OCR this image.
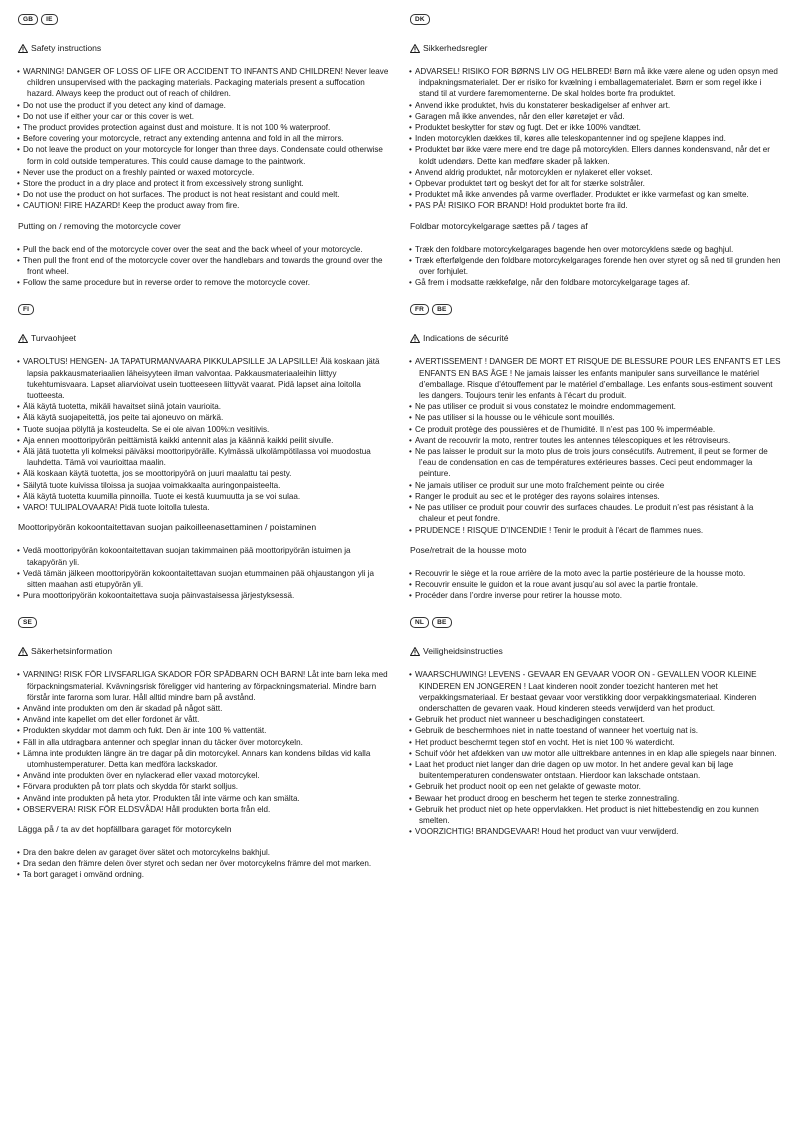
GB	IE
Safety instructions
• WARNING! DANGER OF LOSS OF LIFE OR ACCIDENT TO INFANTS AND CHILDREN! Never leave children unsupervised with the packaging materials. Packaging materials present a suffocation hazard. Always keep the product out of reach of children.
• Do not use the product if you detect any kind of damage.
• Do not use if either your car or this cover is wet.
• The product provides protection against dust and moisture. It is not 100 % waterproof.
• Before covering your motorcycle, retract any extending antenna and fold in all the mirrors.
• Do not leave the product on your motorcycle for longer than three days. Condensate could otherwise form in cold outside temperatures. This could cause damage to the paintwork.
• Never use the product on a freshly painted or waxed motorcycle.
• Store the product in a dry place and protect it from excessively strong sunlight.
• Do not use the product on hot surfaces. The product is not heat resistant and could melt.
• CAUTION! FIRE HAZARD! Keep the product away from fire.
Putting on / removing the motorcycle cover
• Pull the back end of the motorcycle cover over the seat and the back wheel of your motorcycle.
• Then pull the front end of the motorcycle cover over the handlebars and towards the ground over the front wheel.
• Follow the same procedure but in reverse order to remove the motorcycle cover.
FI
Turvaohjeet
• VAROLTUS! HENGEN- JA TAPATURMANVAARA PIKKULAPSILLE JA LAPSILLE! Älä koskaan jätä lapsia pakkausmateriaalien läheisyyteen ilman valvontaa. Pakkausmateriaaleihin liittyy tukehtumisvaara. Lapset aliarvioivat usein tuotteeseen liittyvät vaarat. Pidä lapset aina loitolla tuotteesta.
• Älä käytä tuotetta, mikäli havaitset siinä jotain vaurioita.
• Älä käytä suojapeitettä, jos peite tai ajoneuvo on märkä.
• Tuote suojaa pölyltä ja kosteudelta. Se ei ole aivan 100%:n vesitiivis.
• Aja ennen moottoripyörän peittämistä kaikki antennit alas ja käännä kaikki peilit sivulle.
• Älä jätä tuotetta yli kolmeksi päiväksi moottoripyörälle. Kylmässä ulkolämpötilassa voi muodostua lauhdetta. Tämä voi vaurioittaa maalin.
• Älä koskaan käytä tuotetta, jos se moottoripyörä on juuri maalattu tai pesty.
• Säilytä tuote kuivissa tiloissa ja suojaa voimakkaalta auringonpaisteelta.
• Älä käytä tuotetta kuumilla pinnoilla. Tuote ei kestä kuumuutta ja se voi sulaa.
• VARO! TULIPALOVAARA! Pidä tuote loitolla tulesta.
Moottoripyörän kokoontaitettavan suojan paikoilleenasettaminen / poistaminen
• Vedä moottoripyörän kokoontaitettavan suojan takimmainen pää moottoripyörän istuimen ja takapyörän yli.
• Vedä tämän jälkeen moottoripyörän kokoontaitettavan suojan etummainen pää ohjaustangon yli ja sitten maahan asti etupyörän yli.
• Pura moottoripyörän kokoontaitettava suoja päinvastaisessa järjestyksessä.
SE
Säkerhetsinformation
• VARNING! RISK FÖR LIVSFARLIGA SKADOR FÖR SPÄDBARN OCH BARN! Låt inte barn leka med förpackningsmaterial. Kvävningsrisk föreligger vid hantering av förpackningsmaterial. Mindre barn förstår inte farorna som lurar. Håll alltid mindre barn på avstånd.
• Använd inte produkten om den är skadad på något sätt.
• Använd inte kapellet om det eller fordonet är vått.
• Produkten skyddar mot damm och fukt. Den är inte 100 % vattentät.
• Fäll in alla utdragbara antenner och speglar innan du täcker över motorcykeln.
• Lämna inte produkten längre än tre dagar på din motorcykel. Annars kan kondens bildas vid kalla utomhustemperaturer. Detta kan medföra lackskador.
• Använd inte produkten över en nylackerad eller vaxad motorcykel.
• Förvara produkten på torr plats och skydda för starkt solljus.
• Använd inte produkten på heta ytor. Produkten tål inte värme och kan smälta.
• OBSERVERA! RISK FÖR ELDSVÅDA! Håll produkten borta från eld.
Lägga på / ta av det hopfällbara garaget för motorcykeln
• Dra den bakre delen av garaget över sätet och motorcykelns bakhjul.
• Dra sedan den främre delen över styret och sedan ner över motorcykelns främre del mot marken.
• Ta bort garaget i omvänd ordning.
DK
Sikkerhedsregler
• ADVARSEL! RISIKO FOR BØRNS LIV OG HELBRED! Børn må ikke være alene og uden opsyn med indpakningsmaterialet. Der er risiko for kvælning i emballagematerialet. Børn er som regel ikke i stand til at vurdere faremomenterne. De skal holdes borte fra produktet.
• Anvend ikke produktet, hvis du konstaterer beskadigelser af enhver art.
• Garagen må ikke anvendes, når den eller køretøjet er våd.
• Produktet beskytter for støv og fugt. Det er ikke 100% vandtæt.
• Inden motorcyklen dækkes til, køres alle teleskopantenner ind og spejlene klappes ind.
• Produktet bør ikke være mere end tre dage på motorcyklen. Ellers dannes kondensvand, når det er koldt udendørs. Dette kan medføre skader på lakken.
• Anvend aldrig produktet, når motorcyklen er nylakeret eller vokset.
• Opbevar produktet tørt og beskyt det for alt for stærke solstråler.
• Produktet må ikke anvendes på varme overflader. Produktet er ikke varmefast og kan smelte.
• PAS PÅ! RISIKO FOR BRAND! Hold produktet borte fra ild.
Foldbar motorcykelgarage sættes på / tages af
• Træk den foldbare motorcykelgarages bagende hen over motorcyklens sæde og baghjul.
• Træk efterfølgende den foldbare motorcykelgarages forende hen over styret og så ned til grunden hen over forhjulet.
• Gå frem i modsatte rækkefølge, når den foldbare motorcykelgarage tages af.
FR	BE
Indications de sécurité
• AVERTISSEMENT ! DANGER DE MORT ET RISQUE DE BLESSURE POUR LES ENFANTS ET LES ENFANTS EN BAS ÂGE ! Ne jamais laisser les enfants manipuler sans surveillance le matériel d’emballage. Risque d’étouffement par le matériel d’emballage. Les enfants sous-estiment souvent les dangers. Toujours tenir les enfants à l’écart du produit.
• Ne pas utiliser ce produit si vous constatez le moindre endommagement.
• Ne pas utiliser si la housse ou le véhicule sont mouillés.
• Ce produit protège des poussières et de l’humidité. Il n’est pas 100 % imperméable.
• Avant de recouvrir la moto, rentrer toutes les antennes télescopiques et les rétroviseurs.
• Ne pas laisser le produit sur la moto plus de trois jours consécutifs. Autrement, il peut se former de l’eau de condensation en cas de températures extérieures basses. Ceci peut endommager la peinture.
• Ne jamais utiliser ce produit sur une moto fraîchement peinte ou cirée
• Ranger le produit au sec et le protéger des rayons solaires intenses.
• Ne pas utiliser ce produit pour couvrir des surfaces chaudes. Le produit n’est pas résistant à la chaleur et peut fondre.
• PRUDENCE ! RISQUE D’INCENDIE ! Tenir le produit à l’écart de flammes nues.
Pose/retrait de la housse moto
• Recouvrir le siège et la roue arrière de la moto avec la partie postérieure de la housse moto.
• Recouvrir ensuite le guidon et la roue avant jusqu’au sol avec la partie frontale.
• Procéder dans l’ordre inverse pour retirer la housse moto.
NL	BE
Veiligheidsinstructies
• WAARSCHUWING! LEVENS - GEVAAR EN GEVAAR VOOR ON - GEVALLEN VOOR KLEINE KINDEREN EN JONGEREN ! Laat kinderen nooit zonder toezicht hanteren met het verpakkingsmateriaal. Er bestaat gevaar voor verstikking door verpakkingsmateriaal. Kinderen onderschatten de gevaren vaak. Houd kinderen steeds verwijderd van het product.
• Gebruik het product niet wanneer u beschadigingen constateert.
• Gebruik de beschermhoes niet in natte toestand of wanneer het voertuig nat is.
• Het product beschermt tegen stof en vocht. Het is niet 100 % waterdicht.
• Schuif vóór het afdekken van uw motor alle uittrekbare antennes in en klap alle spiegels naar binnen.
• Laat het product niet langer dan drie dagen op uw motor. In het andere geval kan bij lage buitentemperaturen condenswater ontstaan. Hierdoor kan lakschade ontstaan.
• Gebruik het product nooit op een net gelakte of gewaste motor.
• Bewaar het product droog en bescherm het tegen te sterke zonnestraling.
• Gebruik het product niet op hete oppervlakken. Het product is niet hittebestendig en zou kunnen smelten.
• VOORZICHTIG! BRANDGEVAAR! Houd het product van vuur verwijderd.
